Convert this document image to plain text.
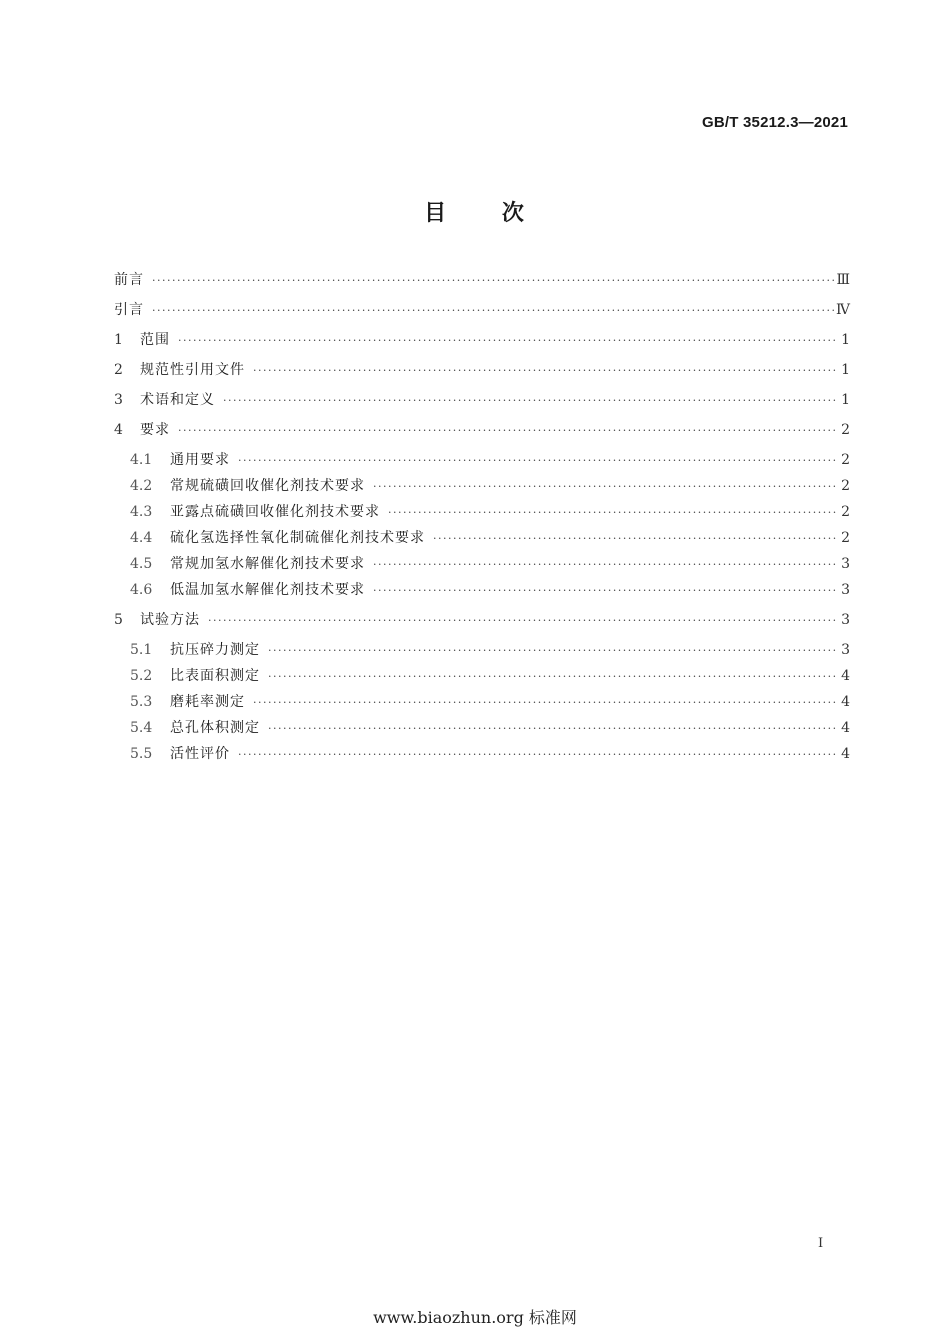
GB/T 35212.3—2021
目 次
前言 ·····	Ⅲ
引言 ·····	Ⅳ
1	范围 ·····	1
2	规范性引用文件 ·····	1
3	术语和定义 ·····	1
4	要求 ·····	2
4.1	通用要求 ·····	2
4.2	常规硫磺回收催化剂技术要求 ·····	2
4.3	亚露点硫磺回收催化剂技术要求 ·····	2
4.4	硫化氢选择性氧化制硫催化剂技术要求 ·····	2
4.5	常规加氢水解催化剂技术要求 ·····	3
4.6	低温加氢水解催化剂技术要求 ·····	3
5	试验方法 ·····	3
5.1	抗压碎力测定 ·····	3
5.2	比表面积测定 ·····	4
5.3	磨耗率测定 ·····	4
5.4	总孔体积测定 ·····	4
5.5	活性评价 ·····	4
I
www.biaozhun.org 标准网
